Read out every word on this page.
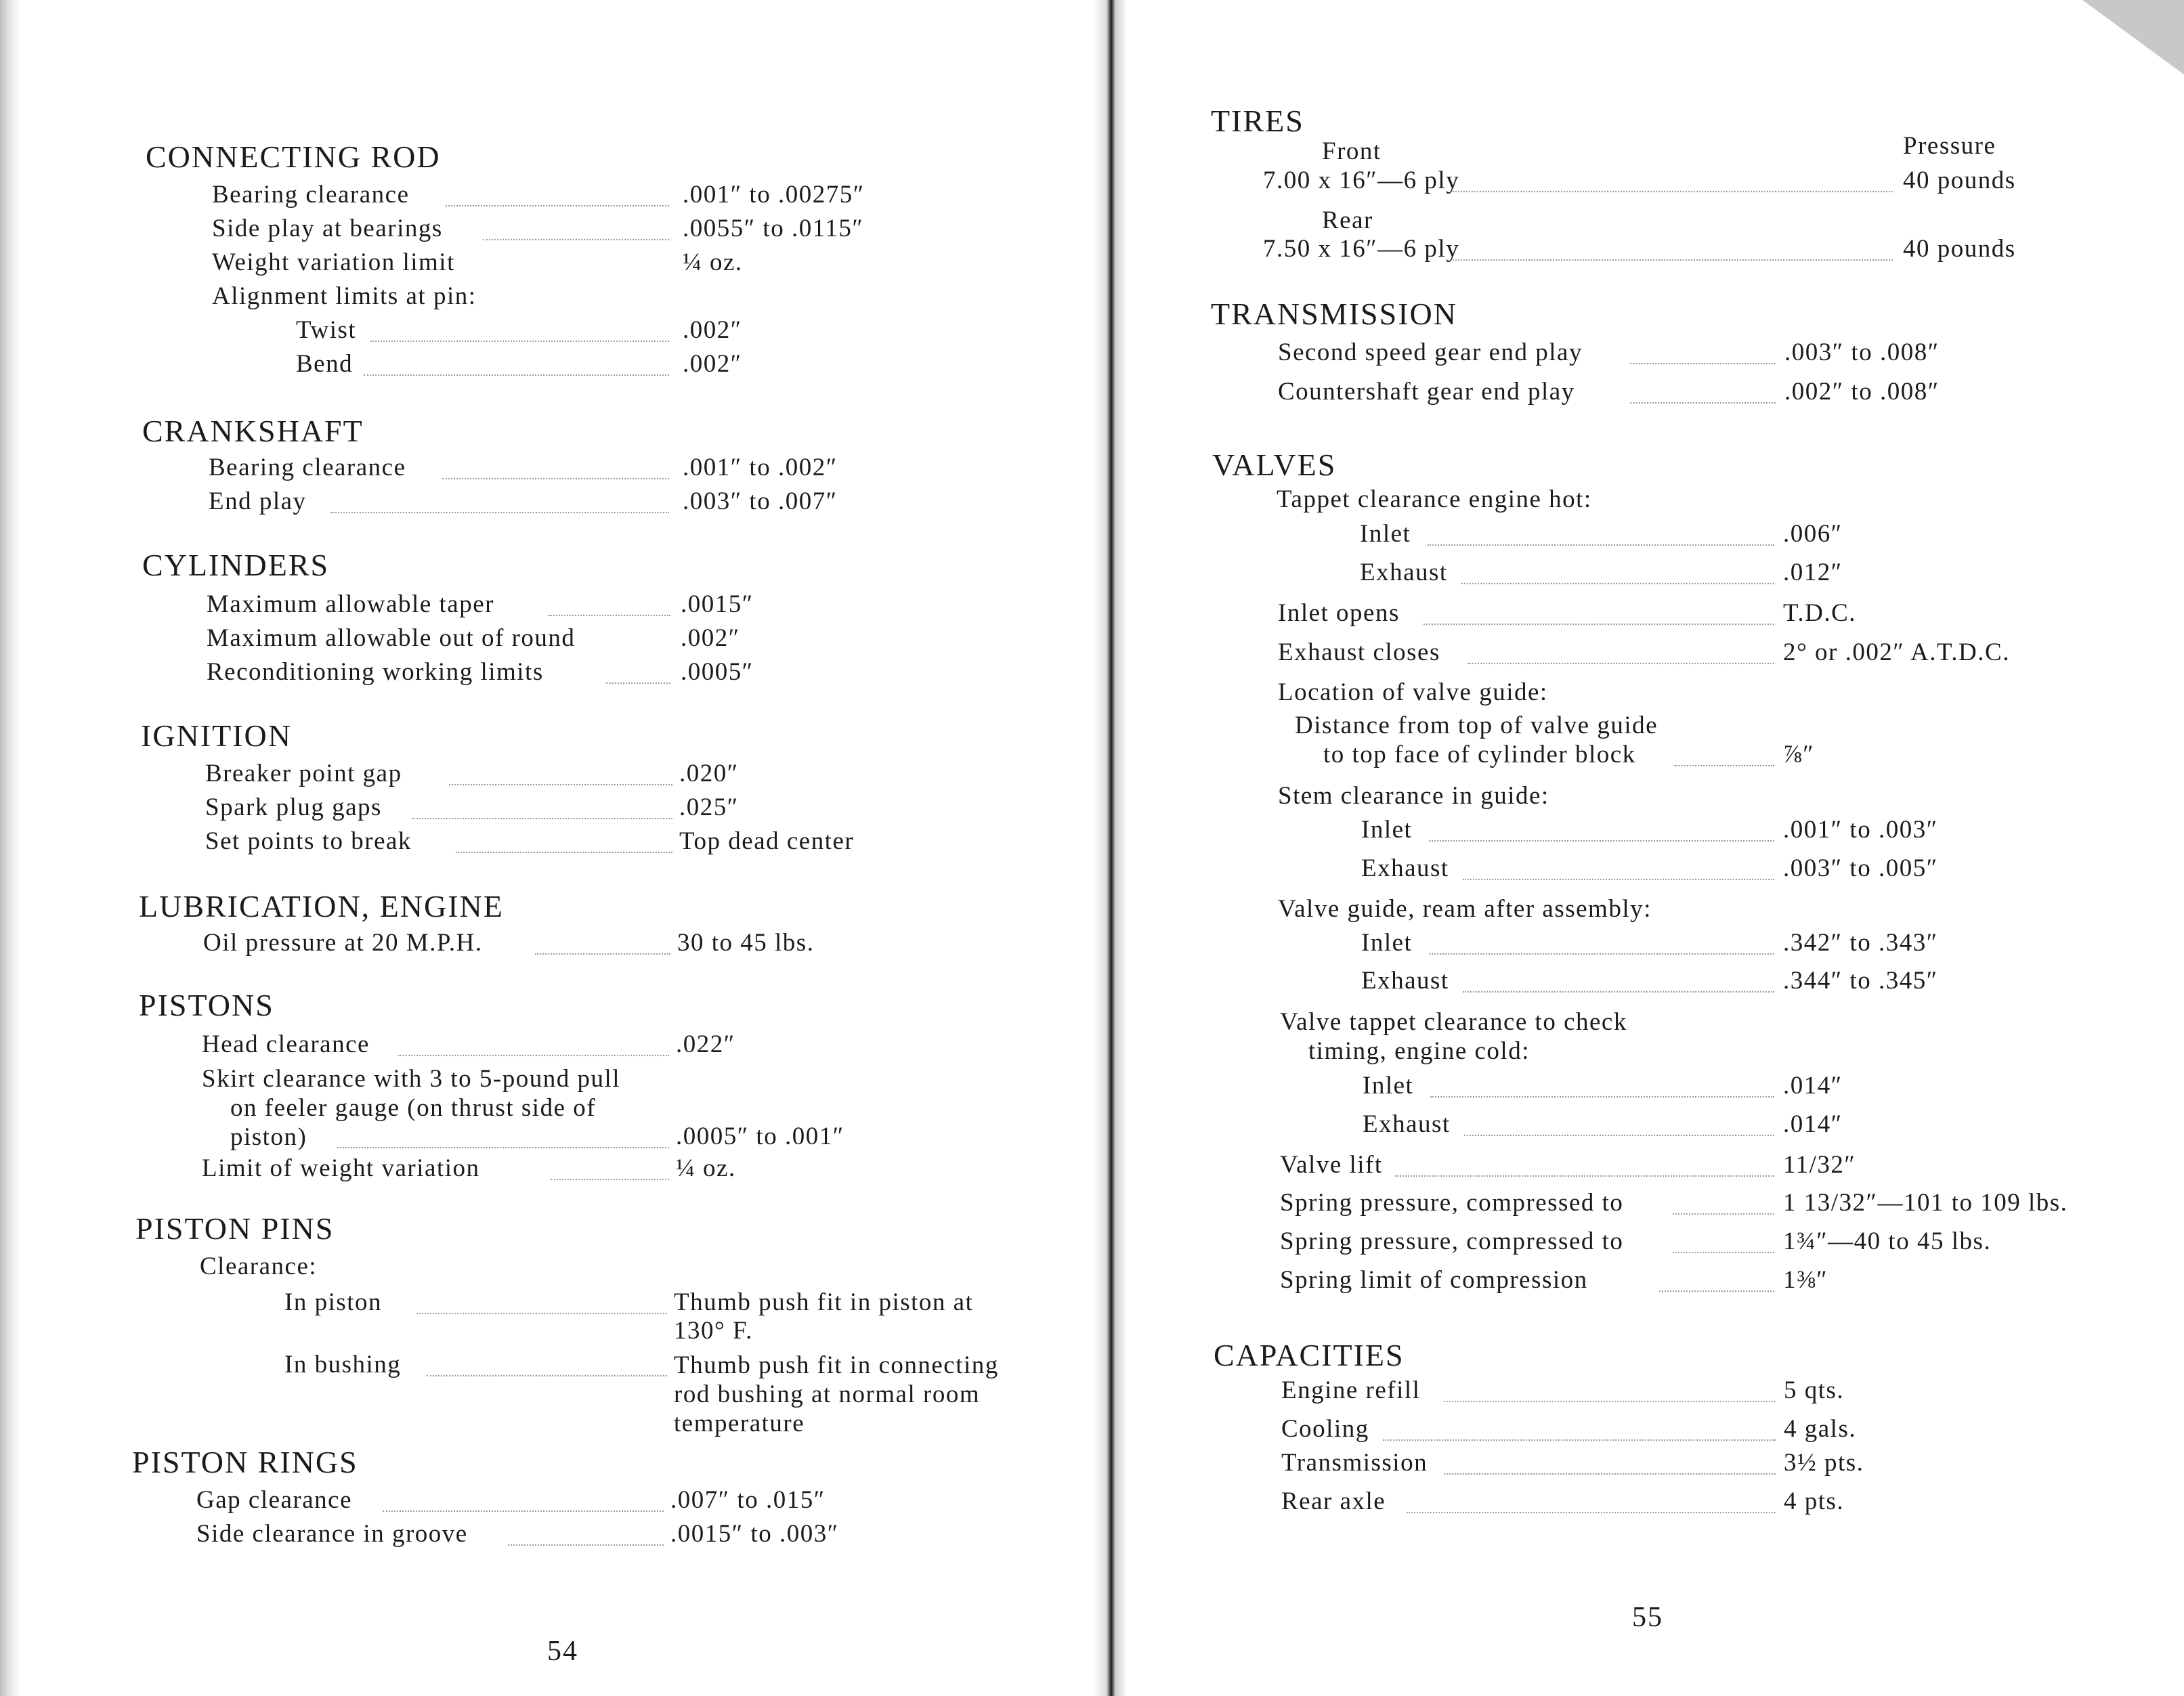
CONNECTING ROD
Bearing clearance	.001″ to .00275″
Side play at bearings	.0055″ to .0115″
Weight variation limit	¼ oz.
Alignment limits at pin:
Twist	.002″
Bend	.002″
CRANKSHAFT
Bearing clearance	.001″ to .002″
End play	.003″ to .007″
CYLINDERS
Maximum allowable taper	.0015″
Maximum allowable out of round	.002″
Reconditioning working limits	.0005″
IGNITION
Breaker point gap	.020″
Spark plug gaps	.025″
Set points to break	Top dead center
LUBRICATION, ENGINE
Oil pressure at 20 M.P.H.	30 to 45 lbs.
PISTONS
Head clearance	.022″
Skirt clearance with 3 to 5-pound pull
on feeler gauge (on thrust side of
piston)	.0005″ to .001″
Limit of weight variation	¼ oz.
PISTON PINS
Clearance:
In piston	Thumb push fit in piston at 130° F.
In bushing	Thumb push fit in connecting rod bushing at normal room temperature
PISTON RINGS
Gap clearance	.007″ to .015″
Side clearance in groove	.0015″ to .003″

54

TIRES
Pressure
Front
7.00 x 16″—6 ply	40 pounds
Rear
7.50 x 16″—6 ply	40 pounds
TRANSMISSION
Second speed gear end play	.003″ to .008″
Countershaft gear end play	.002″ to .008″
VALVES
Tappet clearance engine hot:
Inlet	.006″
Exhaust	.012″
Inlet opens	T.D.C.
Exhaust closes	2° or .002″ A.T.D.C.
Location of valve guide:
Distance from top of valve guide
to top face of cylinder block	⅞″
Stem clearance in guide:
Inlet	.001″ to .003″
Exhaust	.003″ to .005″
Valve guide, ream after assembly:
Inlet	.342″ to .343″
Exhaust	.344″ to .345″
Valve tappet clearance to check
timing, engine cold:
Inlet	.014″
Exhaust	.014″
Valve lift	11/32″
Spring pressure, compressed to	1 13/32″—101 to 109 lbs.
Spring pressure, compressed to	1¾″—40 to 45 lbs.
Spring limit of compression	1⅜″
CAPACITIES
Engine refill	5 qts.
Cooling	4 gals.
Transmission	3½ pts.
Rear axle	4 pts.

55
